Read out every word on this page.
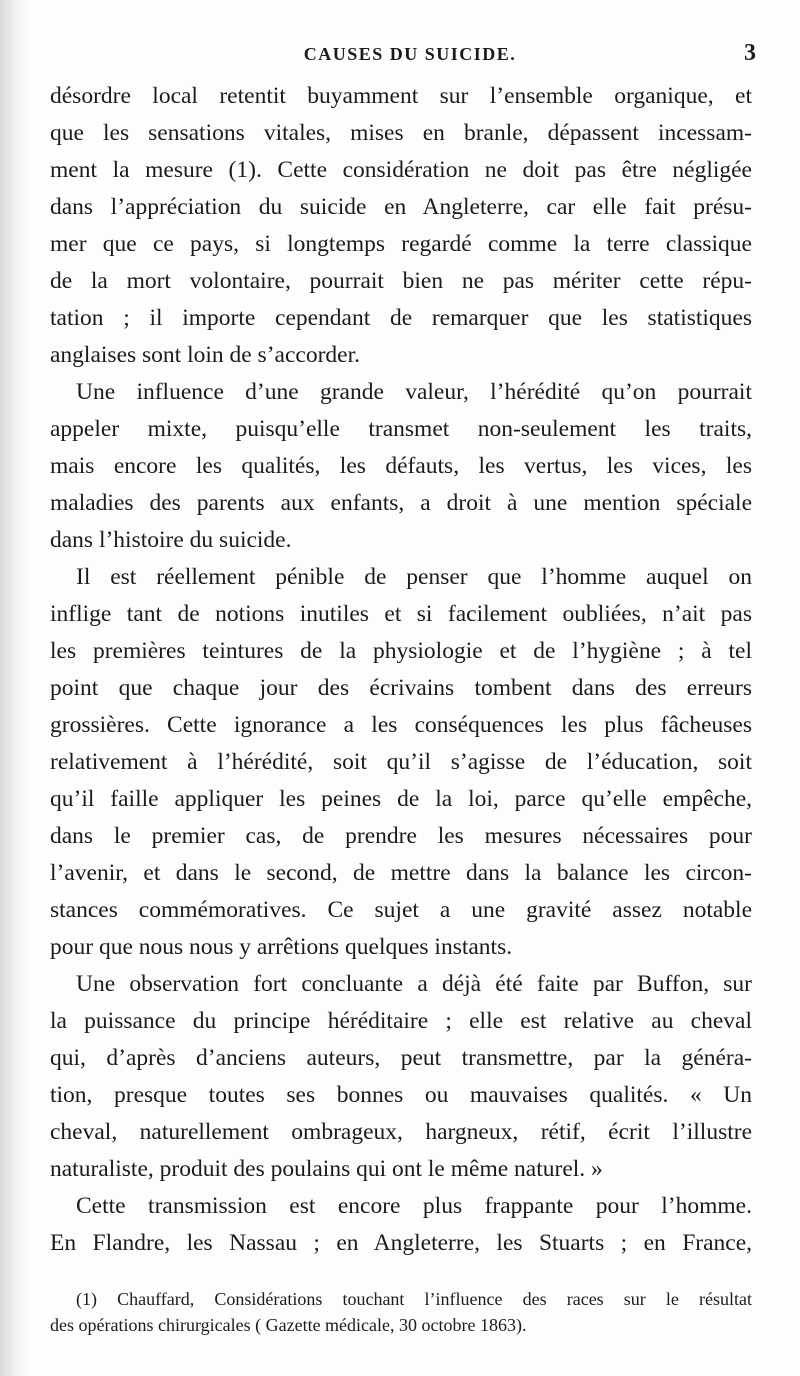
CAUSES DU SUICIDE.	3
désordre local retentit buyamment sur l’ensemble organique, et
que les sensations vitales, mises en branle, dépassent incessam-
ment la mesure (1). Cette considération ne doit pas être négligée
dans l’appréciation du suicide en Angleterre, car elle fait présu-
mer que ce pays, si longtemps regardé comme la terre classique
de la mort volontaire, pourrait bien ne pas mériter cette répu-
tation ; il importe cependant de remarquer que les statistiques
anglaises sont loin de s’accorder.
Une influence d’une grande valeur, l’hérédité qu’on pourrait
appeler mixte, puisqu’elle transmet non-seulement les traits,
mais encore les qualités, les défauts, les vertus, les vices, les
maladies des parents aux enfants, a droit à une mention spéciale
dans l’histoire du suicide.
Il est réellement pénible de penser que l’homme auquel on
inflige tant de notions inutiles et si facilement oubliées, n’ait pas
les premières teintures de la physiologie et de l’hygiène ; à tel
point que chaque jour des écrivains tombent dans des erreurs
grossières. Cette ignorance a les conséquences les plus fâcheuses
relativement à l’hérédité, soit qu’il s’agisse de l’éducation, soit
qu’il faille appliquer les peines de la loi, parce qu’elle empêche,
dans le premier cas, de prendre les mesures nécessaires pour
l’avenir, et dans le second, de mettre dans la balance les circon-
stances commémoratives. Ce sujet a une gravité assez notable
pour que nous nous y arrêtions quelques instants.
Une observation fort concluante a déjà été faite par Buffon, sur
la puissance du principe héréditaire ; elle est relative au cheval
qui, d’après d’anciens auteurs, peut transmettre, par la généra-
tion, presque toutes ses bonnes ou mauvaises qualités. « Un
cheval, naturellement ombrageux, hargneux, rétif, écrit l’illustre
naturaliste, produit des poulains qui ont le même naturel. »
Cette transmission est encore plus frappante pour l’homme.
En Flandre, les Nassau ; en Angleterre, les Stuarts ; en France,
(1) Chauffard, Considérations touchant l’influence des races sur le résultat
des opérations chirurgicales ( Gazette médicale, 30 octobre 1863).
